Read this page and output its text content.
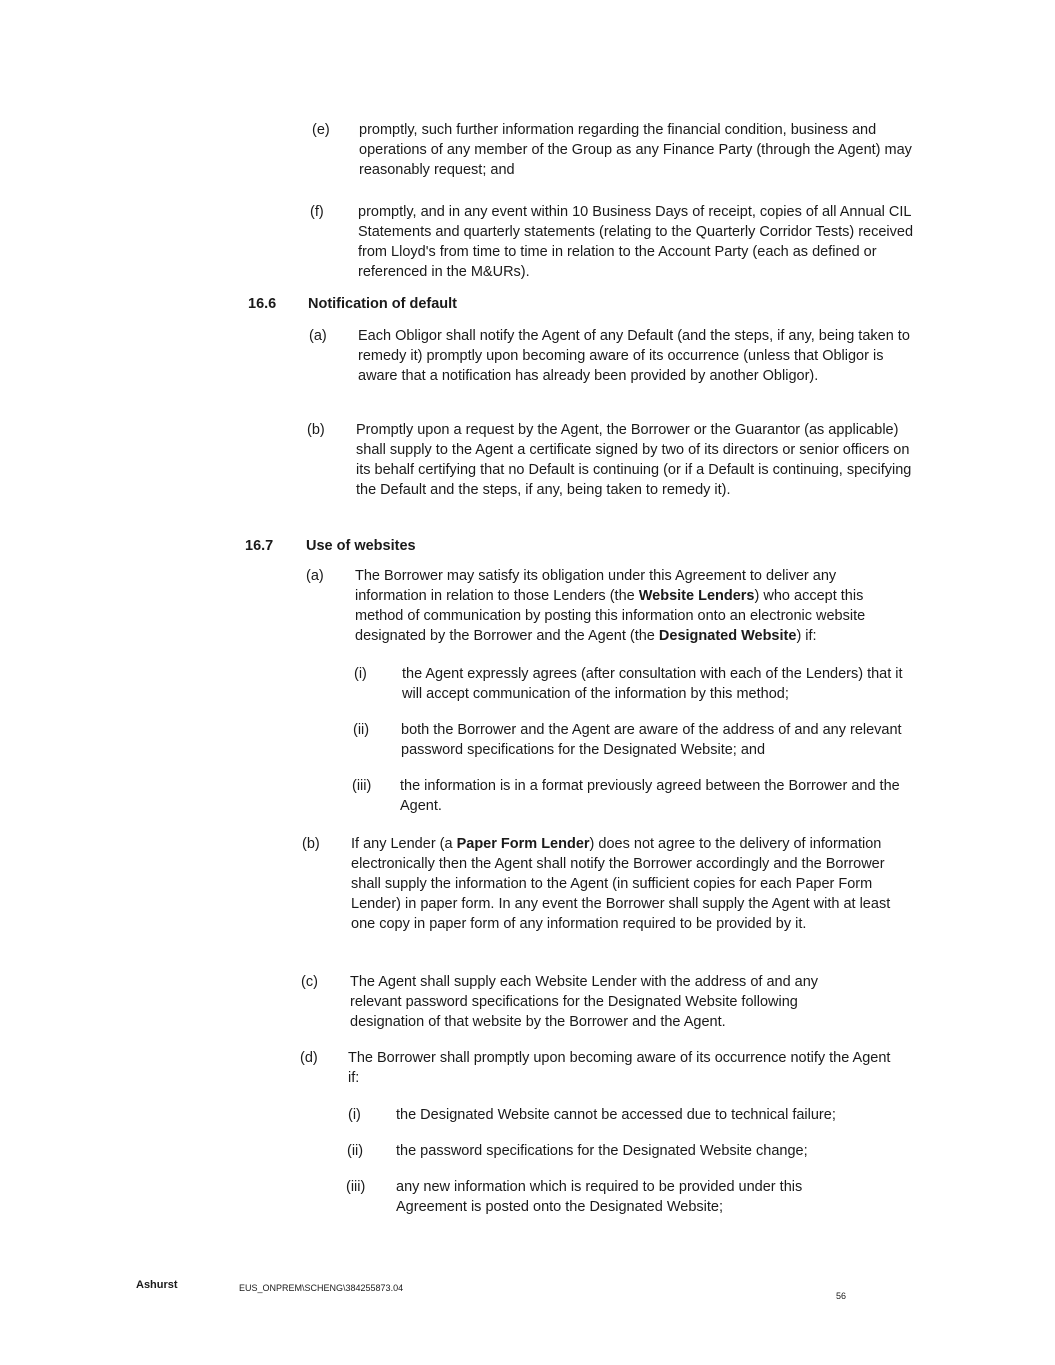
(e)	promptly, such further information regarding the financial condition, business and operations of any member of the Group as any Finance Party (through the Agent) may reasonably request; and
(f)	promptly, and in any event within 10 Business Days of receipt, copies of all Annual CIL Statements and quarterly statements (relating to the Quarterly Corridor Tests) received from Lloyd's from time to time in relation to the Account Party (each as defined or referenced in the M&URs).
16.6	Notification of default
(a)	Each Obligor shall notify the Agent of any Default (and the steps, if any, being taken to remedy it) promptly upon becoming aware of its occurrence (unless that Obligor is aware that a notification has already been provided by another Obligor).
(b)	Promptly upon a request by the Agent, the Borrower or the Guarantor (as applicable) shall supply to the Agent a certificate signed by two of its directors or senior officers on its behalf certifying that no Default is continuing (or if a Default is continuing, specifying the Default and the steps, if any, being taken to remedy it).
16.7	Use of websites
(a)	The Borrower may satisfy its obligation under this Agreement to deliver any information in relation to those Lenders (the Website Lenders) who accept this method of communication by posting this information onto an electronic website designated by the Borrower and the Agent (the Designated Website) if:
(i)	the Agent expressly agrees (after consultation with each of the Lenders) that it will accept communication of the information by this method;
(ii)	both the Borrower and the Agent are aware of the address of and any relevant password specifications for the Designated Website; and
(iii)	the information is in a format previously agreed between the Borrower and the Agent.
(b)	If any Lender (a Paper Form Lender) does not agree to the delivery of information electronically then the Agent shall notify the Borrower accordingly and the Borrower shall supply the information to the Agent (in sufficient copies for each Paper Form Lender) in paper form. In any event the Borrower shall supply the Agent with at least one copy in paper form of any information required to be provided by it.
(c)	The Agent shall supply each Website Lender with the address of and any relevant password specifications for the Designated Website following designation of that website by the Borrower and the Agent.
(d)	The Borrower shall promptly upon becoming aware of its occurrence notify the Agent if:
(i)	the Designated Website cannot be accessed due to technical failure;
(ii)	the password specifications for the Designated Website change;
(iii)	any new information which is required to be provided under this Agreement is posted onto the Designated Website;
Ashurst	EUS_ONPREM\SCHENG\384255873.04
56
